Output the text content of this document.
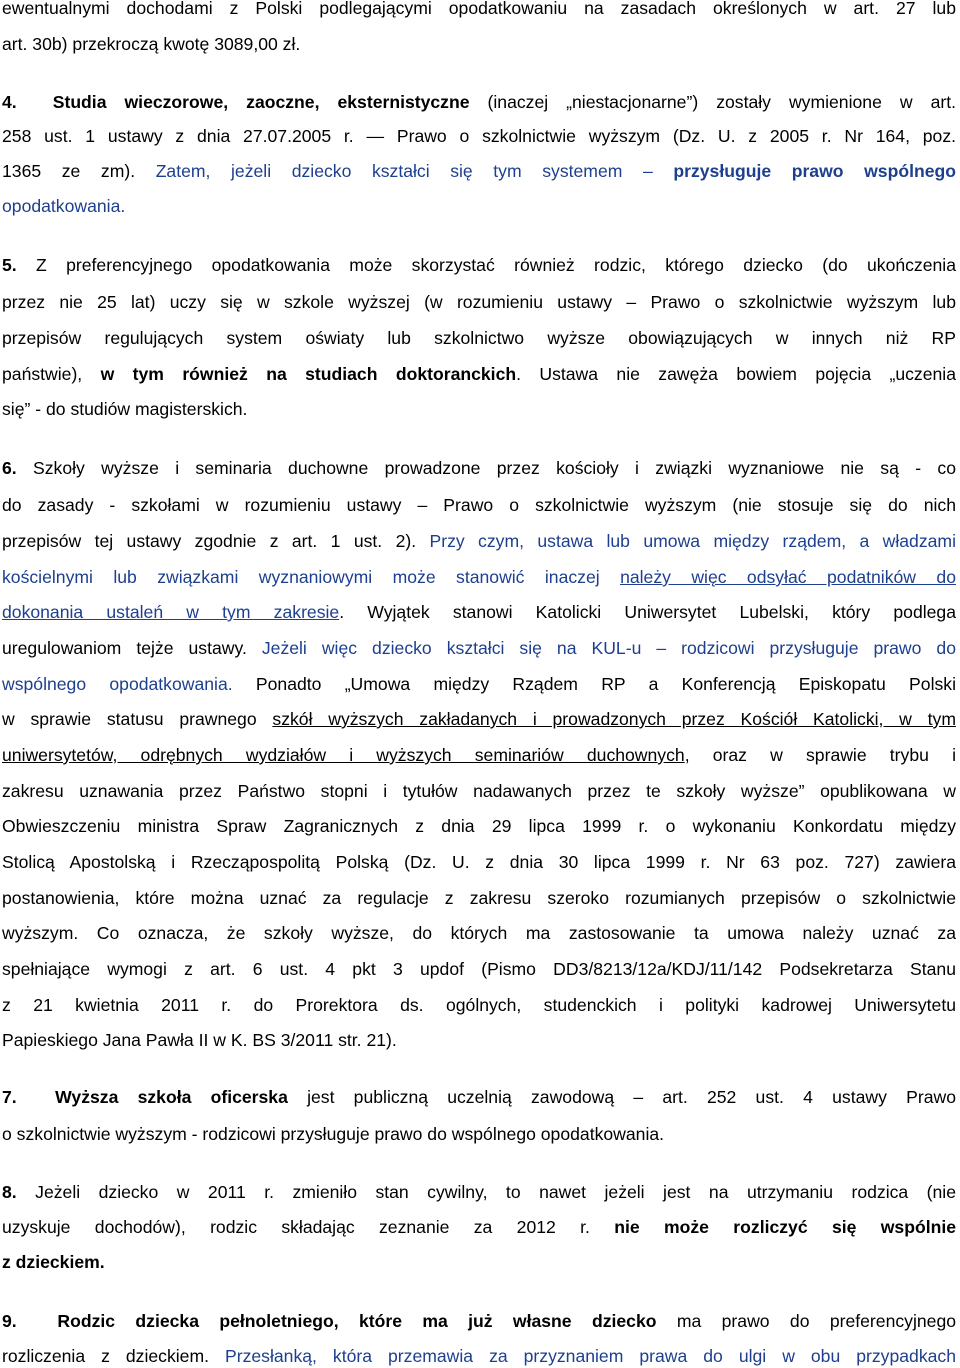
ewentualnymi dochodami z Polski podlegającymi opodatkowaniu na zasadach określonych w art. 27 lub
art. 30b) przekroczą kwotę 3089,00 zł.
4. Studia wieczorowe, zaoczne, eksternistyczne (inaczej „niestacjonarne”) zostały wymienione w art.
258 ust. 1 ustawy z dnia 27.07.2005 r. — Prawo o szkolnictwie wyższym (Dz. U. z 2005 r. Nr 164, poz.
1365 ze zm). Zatem, jeżeli dziecko kształci się tym systemem – przysługuje prawo wspólnego
opodatkowania.
5. Z preferencyjnego opodatkowania może skorzystać również rodzic, którego dziecko (do ukończenia
przez nie 25 lat) uczy się w szkole wyższej (w rozumieniu ustawy – Prawo o szkolnictwie wyższym lub
przepisów regulujących system oświaty lub szkolnictwo wyższe obowiązujących w innych niż RP
państwie), w tym również na studiach doktoranckich. Ustawa nie zawęża bowiem pojęcia „uczenia
się” - do studiów magisterskich.
6. Szkoły wyższe i seminaria duchowne prowadzone przez kościoły i związki wyznaniowe nie są - co
do zasady - szkołami w rozumieniu ustawy – Prawo o szkolnictwie wyższym (nie stosuje się do nich
przepisów tej ustawy zgodnie z art. 1 ust. 2). Przy czym, ustawa lub umowa między rządem, a władzami
kościelnymi lub związkami wyznaniowymi może stanowić inaczej należy więc odsyłać podatników do
dokonania ustaleń w tym zakresie. Wyjątek stanowi Katolicki Uniwersytet Lubelski, który podlega
uregulowaniom tejże ustawy. Jeżeli więc dziecko kształci się na KUL-u – rodzicowi przysługuje prawo do
wspólnego opodatkowania. Ponadto „Umowa między Rządem RP a Konferencją Episkopatu Polski
w sprawie statusu prawnego szkół wyższych zakładanych i prowadzonych przez Kościół Katolicki, w tym
uniwersytetów, odrębnych wydziałów i wyższych seminariów duchownych, oraz w sprawie trybu i
zakresu uznawania przez Państwo stopni i tytułów nadawanych przez te szkoły wyższe” opublikowana w
Obwieszczeniu ministra Spraw Zagranicznych z dnia 29 lipca 1999 r. o wykonaniu Konkordatu między
Stolicą Apostolską i Rzecząpospolitą Polską (Dz. U. z dnia 30 lipca 1999 r. Nr 63 poz. 727) zawiera
postanowienia, które można uznać za regulacje z zakresu szeroko rozumianych przepisów o szkolnictwie
wyższym. Co oznacza, że szkoły wyższe, do których ma zastosowanie ta umowa należy uznać za
spełniające wymogi z art. 6 ust. 4 pkt 3 updof (Pismo DD3/8213/12a/KDJ/11/142 Podsekretarza Stanu
z 21 kwietnia 2011 r. do Prorektora ds. ogólnych, studenckich i polityki kadrowej Uniwersytetu
Papieskiego Jana Pawła II w K. BS 3/2011 str. 21).
7. Wyższa szkoła oficerska jest publiczną uczelnią zawodową – art. 252 ust. 4 ustawy Prawo
o szkolnictwie wyższym - rodzicowi przysługuje prawo do wspólnego opodatkowania.
8. Jeżeli dziecko w 2011 r. zmieniło stan cywilny, to nawet jeżeli jest na utrzymaniu rodzica (nie
uzyskuje dochodów), rodzic składając zeznanie za 2012 r. nie może rozliczyć się wspólnie
z dzieckiem.
9. Rodzic dziecka pełnoletniego, które ma już własne dziecko ma prawo do preferencyjnego
rozliczenia z dzieckiem. Przesłanką, która przemawia za przyznaniem prawa do ulgi w obu przypadkach
